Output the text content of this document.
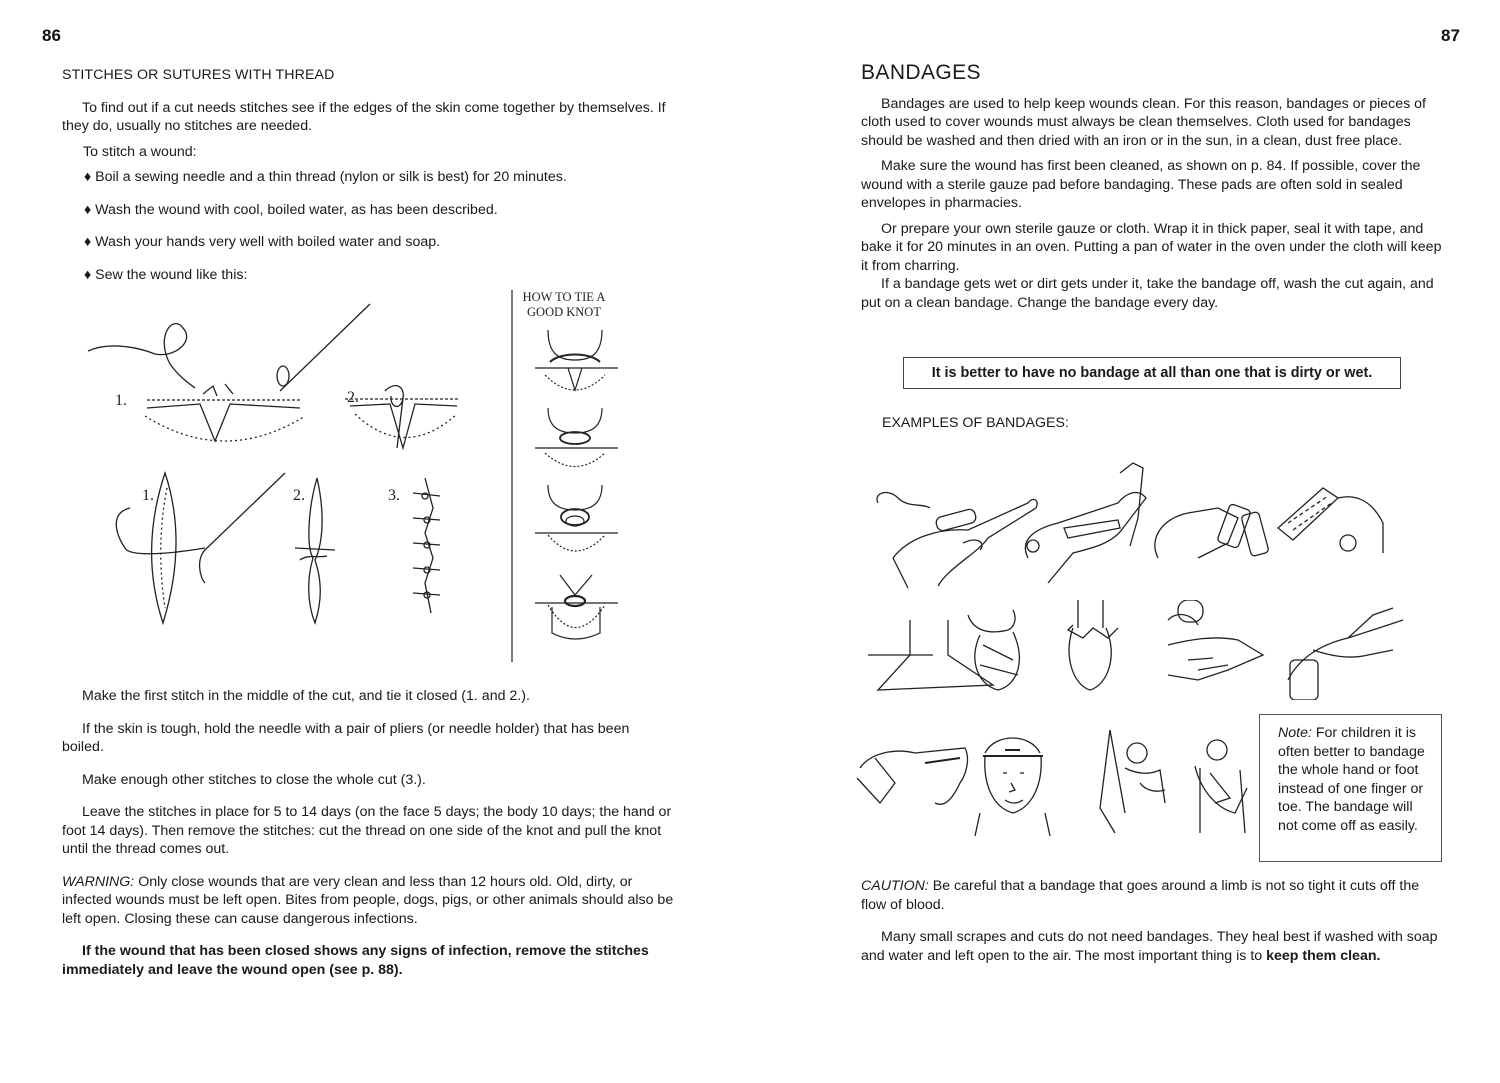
86	87

STITCHES OR SUTURES WITH THREAD

To find out if a cut needs stitches see if the edges of the skin come together by themselves. If they do, usually no stitches are needed.

To stitch a wound:

♦ Boil a sewing needle and a thin thread (nylon or silk is best) for 20 minutes.

♦ Wash the wound with cool, boiled water, as has been described.

♦ Wash your hands very well with boiled water and soap.

♦ Sew the wound like this:

1.	2.
1.	2.	3.
HOW TO TIE A GOOD KNOT

Make the first stitch in the middle of the cut, and tie it closed (1. and 2.).

If the skin is tough, hold the needle with a pair of pliers (or needle holder) that has been boiled.

Make enough other stitches to close the whole cut (3.).

Leave the stitches in place for 5 to 14 days (on the face 5 days; the body 10 days; the hand or foot 14 days). Then remove the stitches: cut the thread on one side of the knot and pull the knot until the thread comes out.

WARNING: Only close wounds that are very clean and less than 12 hours old. Old, dirty, or infected wounds must be left open. Bites from people, dogs, pigs, or other animals should also be left open. Closing these can cause dangerous infections.

If the wound that has been closed shows any signs of infection, remove the stitches immediately and leave the wound open (see p. 88).

BANDAGES

Bandages are used to help keep wounds clean. For this reason, bandages or pieces of cloth used to cover wounds must always be clean themselves. Cloth used for bandages should be washed and then dried with an iron or in the sun, in a clean, dust free place.

Make sure the wound has first been cleaned, as shown on p. 84. If possible, cover the wound with a sterile gauze pad before bandaging. These pads are often sold in sealed envelopes in pharmacies.

Or prepare your own sterile gauze or cloth. Wrap it in thick paper, seal it with tape, and bake it for 20 minutes in an oven. Putting a pan of water in the oven under the cloth will keep it from charring.

If a bandage gets wet or dirt gets under it, take the bandage off, wash the cut again, and put on a clean bandage. Change the bandage every day.

It is better to have no bandage at all than one that is dirty or wet.
EXAMPLES OF BANDAGES:
Note: For children it is often better to bandage the whole hand or foot instead of one finger or toe. The bandage will not come off as easily.

CAUTION: Be careful that a bandage that goes around a limb is not so tight it cuts off the flow of blood.

Many small scrapes and cuts do not need bandages. They heal best if washed with soap and water and left open to the air. The most important thing is to keep them clean.
